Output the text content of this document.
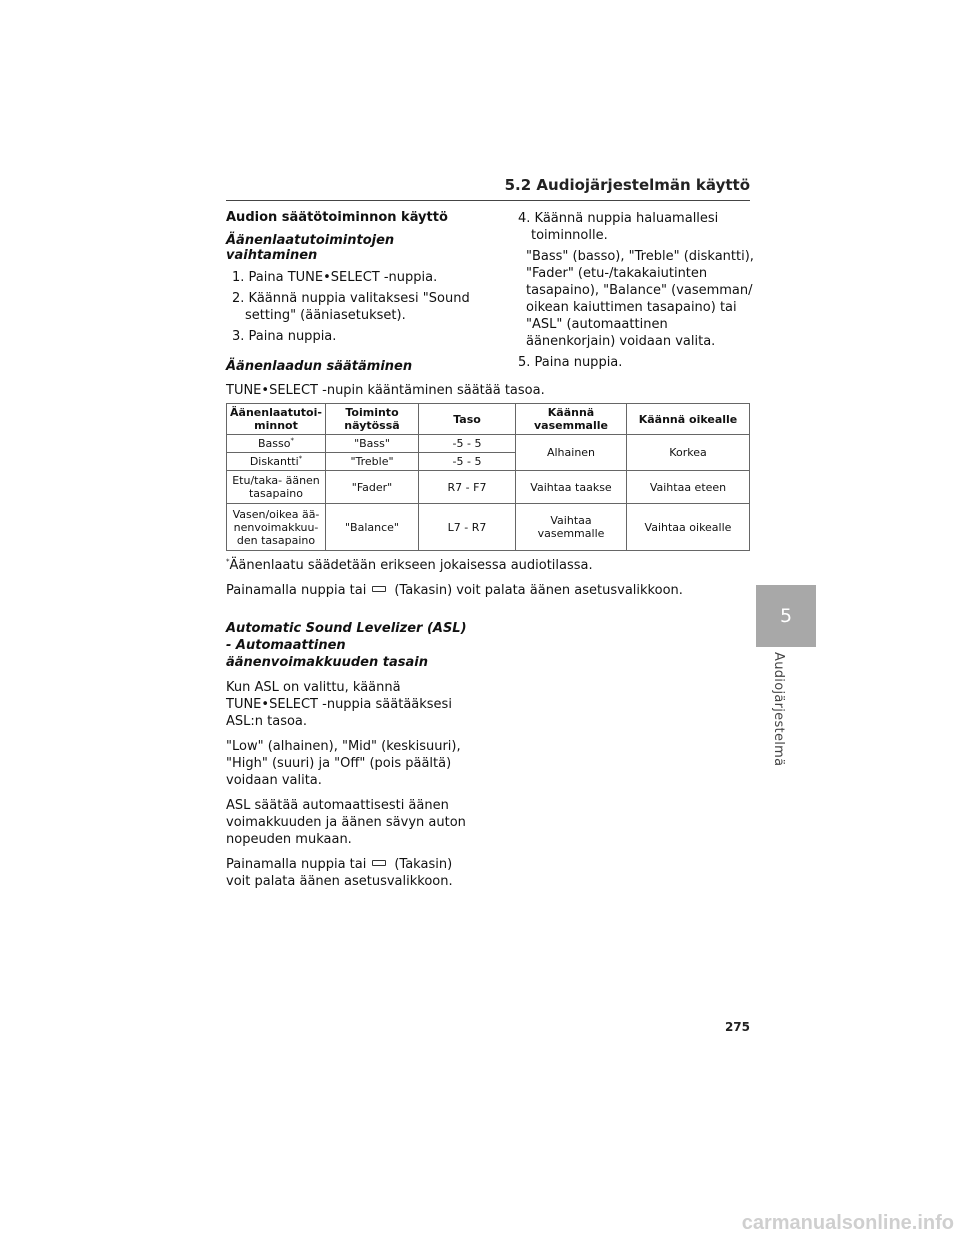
5.2 Audiojärjestelmän käyttö
Audion säätötoiminnon käyttö
Äänenlaatutoimintojen vaihtaminen
1. Paina TUNE•SELECT -nuppia.
2. Käännä nuppia valitaksesi "Sound setting" (ääniasetukset).
3. Paina nuppia.
4. Käännä nuppia haluamallesi toiminnolle.

"Bass" (basso), "Treble" (diskantti), "Fader" (etu-/takakaiutinten tasapaino), "Balance" (vasemman/ oikean kaiuttimen tasapaino) tai "ASL" (automaattinen äänenkorjain) voidaan valita.

5. Paina nuppia.
Äänenlaadun säätäminen

TUNE•SELECT -nupin kääntäminen säätää tasoa.

Äänenlaatutoi-minnot	Toiminto näytössä	Taso	Käännä vasemmalle	Käännä oikealle
Basso*	"Bass"	-5 - 5	Alhainen	Korkea
Diskantti*	"Treble"	-5 - 5		
Etu/taka- äänen tasapaino	"Fader"	R7 - F7	Vaihtaa taakse	Vaihtaa eteen
Vasen/oikea ää-nenvoimakkuu-den tasapaino	"Balance"	L7 - R7	Vaihtaa vasemmalle	Vaihtaa oikealle

*Äänenlaatu säädetään erikseen jokaisessa audiotilassa.

Painamalla nuppia tai (Takasin) voit palata äänen asetusvalikkoon.

Automatic Sound Levelizer (ASL) - Automaattinen äänenvoimakkuuden tasain

Kun ASL on valittu, käännä TUNE•SELECT -nuppia säätääksesi ASL:n tasoa.

"Low" (alhainen), "Mid" (keskisuuri), "High" (suuri) ja "Off" (pois päältä) voidaan valita.

ASL säätää automaattisesti äänen voimakkuuden ja äänen sävyn auton nopeuden mukaan.

Painamalla nuppia tai (Takasin) voit palata äänen asetusvalikkoon.

5
Audiojärjestelmä
275
carmanualsonline.info
